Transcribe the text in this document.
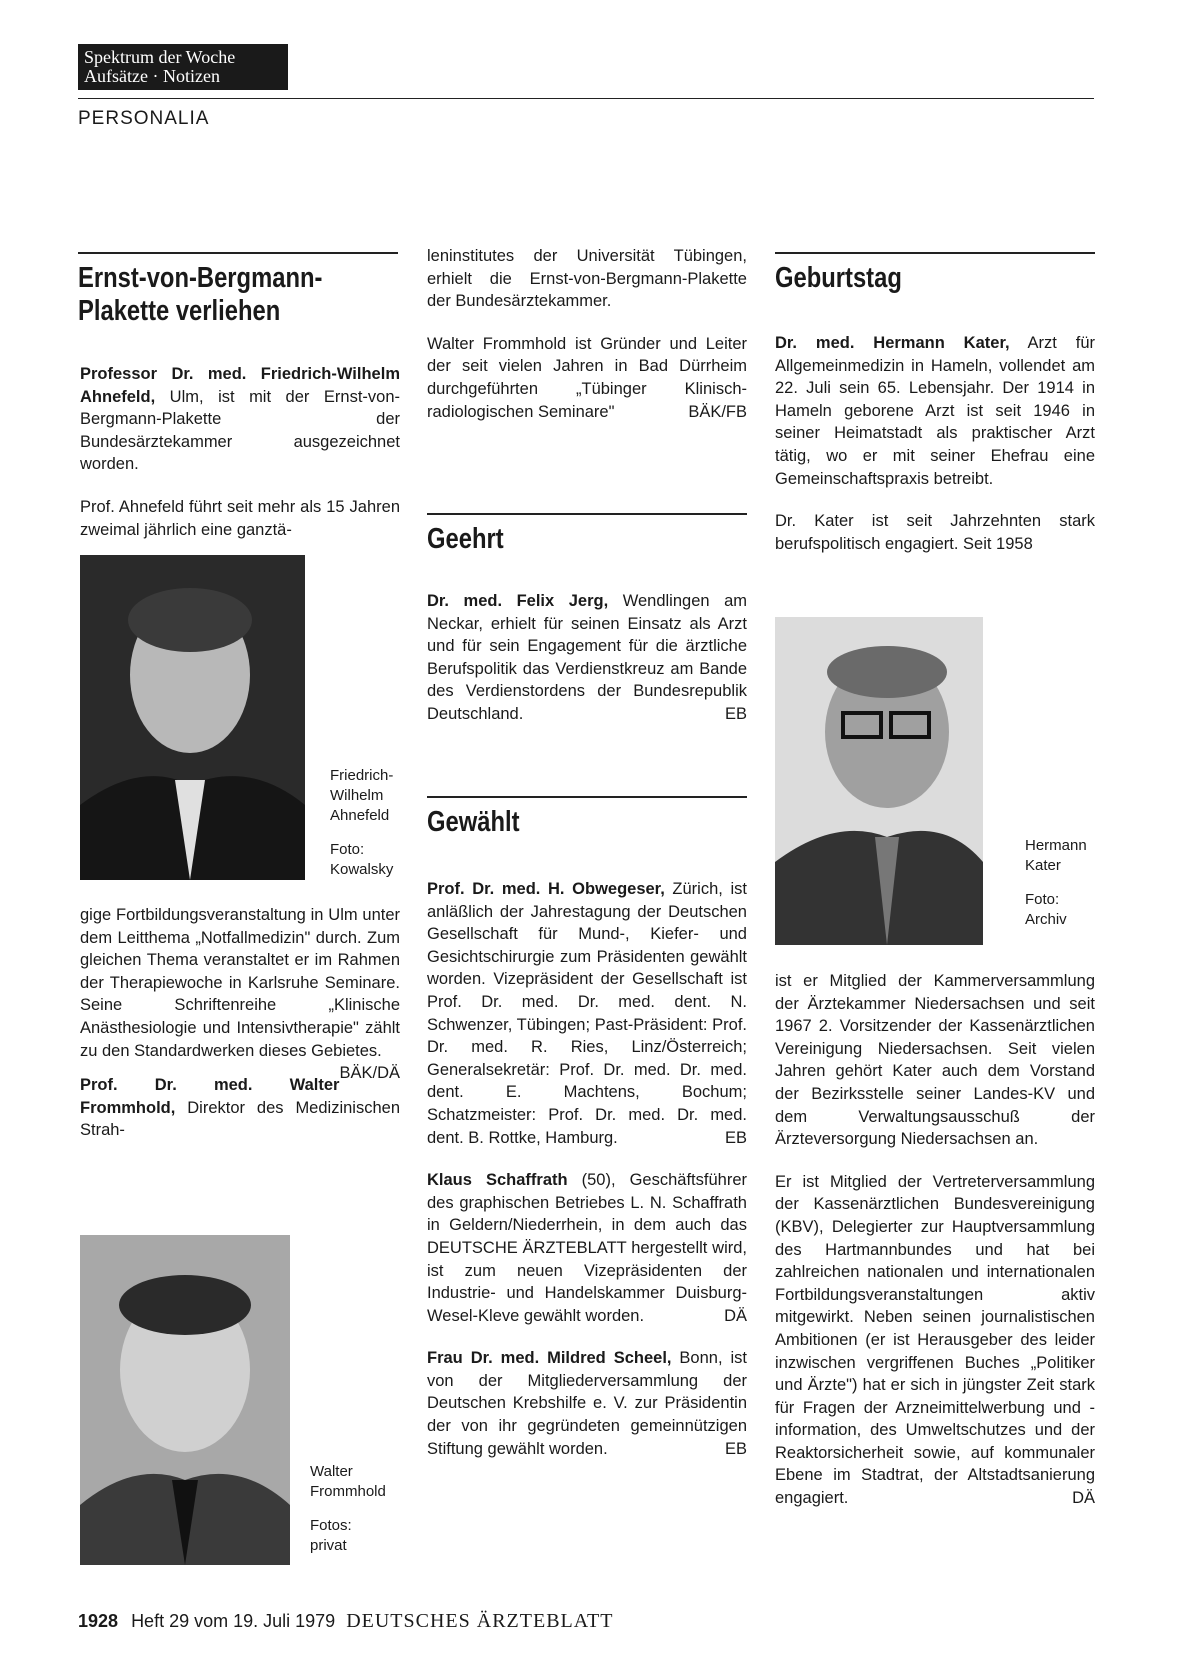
Spektrum der Woche
Aufsätze · Notizen
PERSONALIA
Ernst-von-Bergmann-
Plakette verliehen

Professor Dr. med. Friedrich-Wilhelm Ahnefeld, Ulm, ist mit der Ernst-von-Bergmann-Plakette der Bundesärztekammer ausgezeichnet worden.

Prof. Ahnefeld führt seit mehr als 15 Jahren zweimal jährlich eine ganztä-

Friedrich-
Wilhelm
Ahnefeld
Foto:
Kowalsky

gige Fortbildungsveranstaltung in Ulm unter dem Leitthema „Notfallmedizin" durch. Zum gleichen Thema veranstaltet er im Rahmen der Therapiewoche in Karlsruhe Seminare. Seine Schriftenreihe „Klinische Anästhesiologie und Intensivtherapie" zählt zu den Standardwerken dieses Gebietes.
BÄK/DÄ

Prof. Dr. med. Walter Frommhold, Direktor des Medizinischen Strah-

Walter
Frommhold
Fotos:
privat

leninstitutes der Universität Tübingen, erhielt die Ernst-von-Bergmann-Plakette der Bundesärztekammer.

Walter Frommhold ist Gründer und Leiter der seit vielen Jahren in Bad Dürrheim durchgeführten „Tübinger Klinisch-radiologischen Seminare"	BÄK/FB

Geehrt

Dr. med. Felix Jerg, Wendlingen am Neckar, erhielt für seinen Einsatz als Arzt und für sein Engagement für die ärztliche Berufspolitik das Verdienstkreuz am Bande des Verdienstordens der Bundesrepublik Deutschland.	EB

Gewählt

Prof. Dr. med. H. Obwegeser, Zürich, ist anläßlich der Jahrestagung der Deutschen Gesellschaft für Mund-, Kiefer- und Gesichtschirurgie zum Präsidenten gewählt worden. Vizepräsident der Gesellschaft ist Prof. Dr. med. Dr. med. dent. N. Schwenzer, Tübingen; Past-Präsident: Prof. Dr. med. R. Ries, Linz/Österreich; Generalsekretär: Prof. Dr. med. Dr. med. dent. E. Machtens, Bochum; Schatzmeister: Prof. Dr. med. Dr. med. dent. B. Rottke, Hamburg.	EB

Klaus Schaffrath (50), Geschäftsführer des graphischen Betriebes L. N. Schaffrath in Geldern/Niederrhein, in dem auch das DEUTSCHE ÄRZTEBLATT hergestellt wird, ist zum neuen Vizepräsidenten der Industrie- und Handelskammer Duisburg-Wesel-Kleve gewählt worden.	DÄ

Frau Dr. med. Mildred Scheel, Bonn, ist von der Mitgliederversammlung der Deutschen Krebshilfe e. V. zur Präsidentin der von ihr gegründeten gemeinnützigen Stiftung gewählt worden.	EB

Geburtstag

Dr. med. Hermann Kater, Arzt für Allgemeinmedizin in Hameln, vollendet am 22. Juli sein 65. Lebensjahr. Der 1914 in Hameln geborene Arzt ist seit 1946 in seiner Heimatstadt als praktischer Arzt tätig, wo er mit seiner Ehefrau eine Gemeinschaftspraxis betreibt.

Dr. Kater ist seit Jahrzehnten stark berufspolitisch engagiert. Seit 1958

Hermann
Kater
Foto:
Archiv

ist er Mitglied der Kammerversammlung der Ärztekammer Niedersachsen und seit 1967 2. Vorsitzender der Kassenärztlichen Vereinigung Niedersachsen. Seit vielen Jahren gehört Kater auch dem Vorstand der Bezirksstelle seiner Landes-KV und dem Verwaltungsausschuß der Ärzteversorgung Niedersachsen an.

Er ist Mitglied der Vertreterversammlung der Kassenärztlichen Bundesvereinigung (KBV), Delegierter zur Hauptversammlung des Hartmannbundes und hat bei zahlreichen nationalen und internationalen Fortbildungsveranstaltungen aktiv mitgewirkt. Neben seinen journalistischen Ambitionen (er ist Herausgeber des leider inzwischen vergriffenen Buches „Politiker und Ärzte") hat er sich in jüngster Zeit stark für Fragen der Arzneimittelwerbung und -information, des Umweltschutzes und der Reaktorsicherheit sowie, auf kommunaler Ebene im Stadtrat, der Altstadtsanierung engagiert.	DÄ

1928 Heft 29 vom 19. Juli 1979 DEUTSCHES ÄRZTEBLATT
